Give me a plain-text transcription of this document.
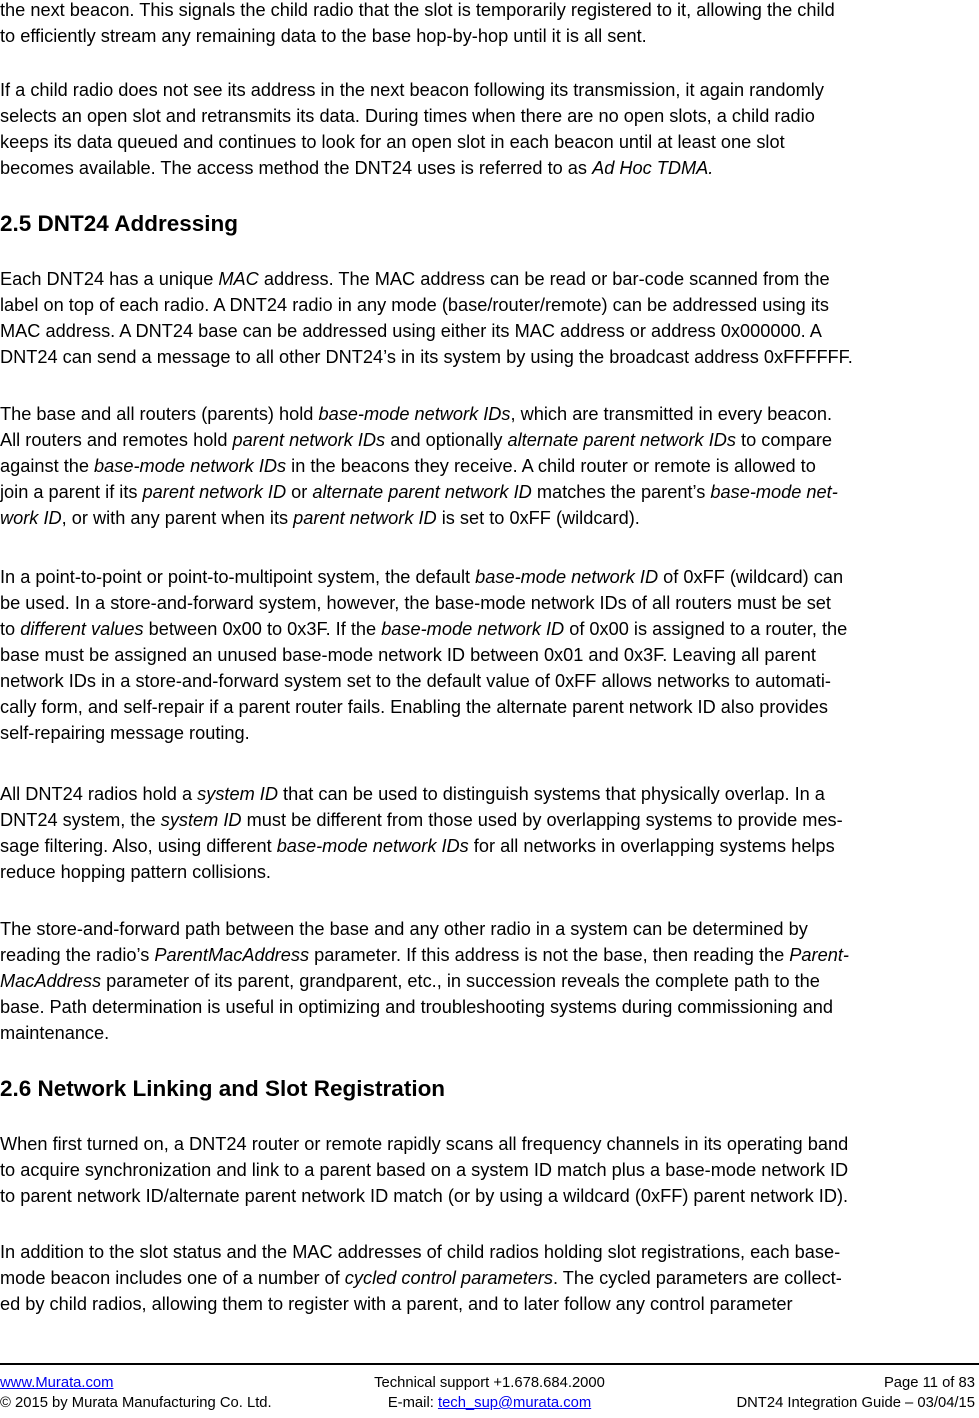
the next beacon. This signals the child radio that the slot is temporarily registered to it, allowing the child
to efficiently stream any remaining data to the base hop-by-hop until it is all sent.
If a child radio does not see its address in the next beacon following its transmission, it again randomly
selects an open slot and retransmits its data. During times when there are no open slots, a child radio
keeps its data queued and continues to look for an open slot in each beacon until at least one slot
becomes available. The access method the DNT24 uses is referred to as Ad Hoc TDMA.
2.5 DNT24 Addressing
Each DNT24 has a unique MAC address. The MAC address can be read or bar-code scanned from the
label on top of each radio. A DNT24 radio in any mode (base/router/remote) can be addressed using its
MAC address. A DNT24 base can be addressed using either its MAC address or address 0x000000. A
DNT24 can send a message to all other DNT24’s in its system by using the broadcast address 0xFFFFFF.
The base and all routers (parents) hold base-mode network IDs, which are transmitted in every beacon.
All routers and remotes hold parent network IDs and optionally alternate parent network IDs to compare
against the base-mode network IDs in the beacons they receive. A child router or remote is allowed to
join a parent if its parent network ID or alternate parent network ID matches the parent’s base-mode net-
work ID, or with any parent when its parent network ID is set to 0xFF (wildcard).
In a point-to-point or point-to-multipoint system, the default base-mode network ID of 0xFF (wildcard) can
be used. In a store-and-forward system, however, the base-mode network IDs of all routers must be set
to different values between 0x00 to 0x3F. If the base-mode network ID of 0x00 is assigned to a router, the
base must be assigned an unused base-mode network ID between 0x01 and 0x3F. Leaving all parent
network IDs in a store-and-forward system set to the default value of 0xFF allows networks to automati-
cally form, and self-repair if a parent router fails. Enabling the alternate parent network ID also provides
self-repairing message routing.
All DNT24 radios hold a system ID that can be used to distinguish systems that physically overlap. In a
DNT24 system, the system ID must be different from those used by overlapping systems to provide mes-
sage filtering. Also, using different base-mode network IDs for all networks in overlapping systems helps
reduce hopping pattern collisions.
The store-and-forward path between the base and any other radio in a system can be determined by
reading the radio’s ParentMacAddress parameter. If this address is not the base, then reading the Parent-
MacAddress parameter of its parent, grandparent, etc., in succession reveals the complete path to the
base. Path determination is useful in optimizing and troubleshooting systems during commissioning and
maintenance.
2.6 Network Linking and Slot Registration
When first turned on, a DNT24 router or remote rapidly scans all frequency channels in its operating band
to acquire synchronization and link to a parent based on a system ID match plus a base-mode network ID
to parent network ID/alternate parent network ID match (or by using a wildcard (0xFF) parent network ID).
In addition to the slot status and the MAC addresses of child radios holding slot registrations, each base-
mode beacon includes one of a number of cycled control parameters. The cycled parameters are collect-
ed by child radios, allowing them to register with a parent, and to later follow any control parameter
www.Murata.com	Technical support +1.678.684.2000	Page 11 of 83
© 2015 by Murata Manufacturing Co. Ltd.	E-mail: tech_sup@murata.com	DNT24 Integration Guide – 03/04/15
